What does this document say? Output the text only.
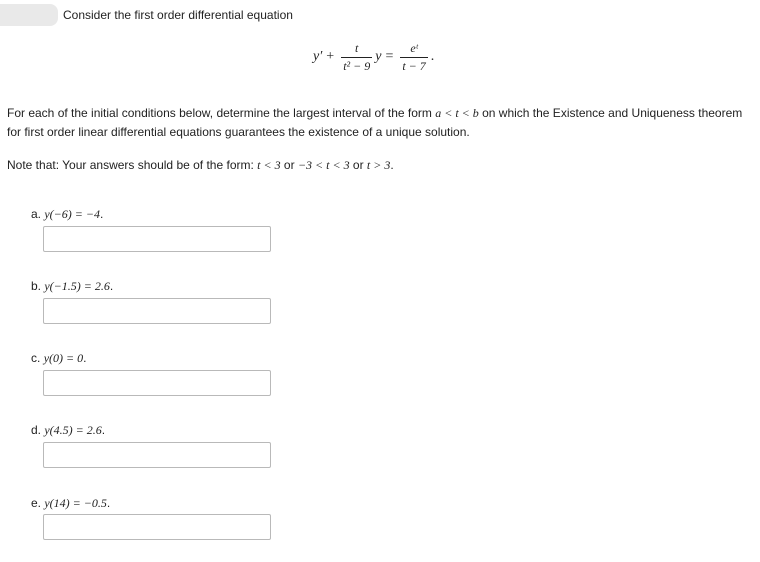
Consider the first order differential equation
$y' + \frac{t}{\text{t² − 9}}$ $y = \frac{\text{eᵗ}}{t - 7}$ .
For each of the initial conditions below, determine the largest interval of the form a < t < b on which the Existence and Uniqueness theorem for first order linear differential equations guarantees the existence of a unique solution.
Note that: Your answers should be of the form: t < 3 or −3 < t < 3 or t > 3.
a. y(−6) = −4.
b. y(−1.5) = 2.6.
c. y(0) = 0.
d. y(4.5) = 2.6.
e. y(14) = −0.5.
